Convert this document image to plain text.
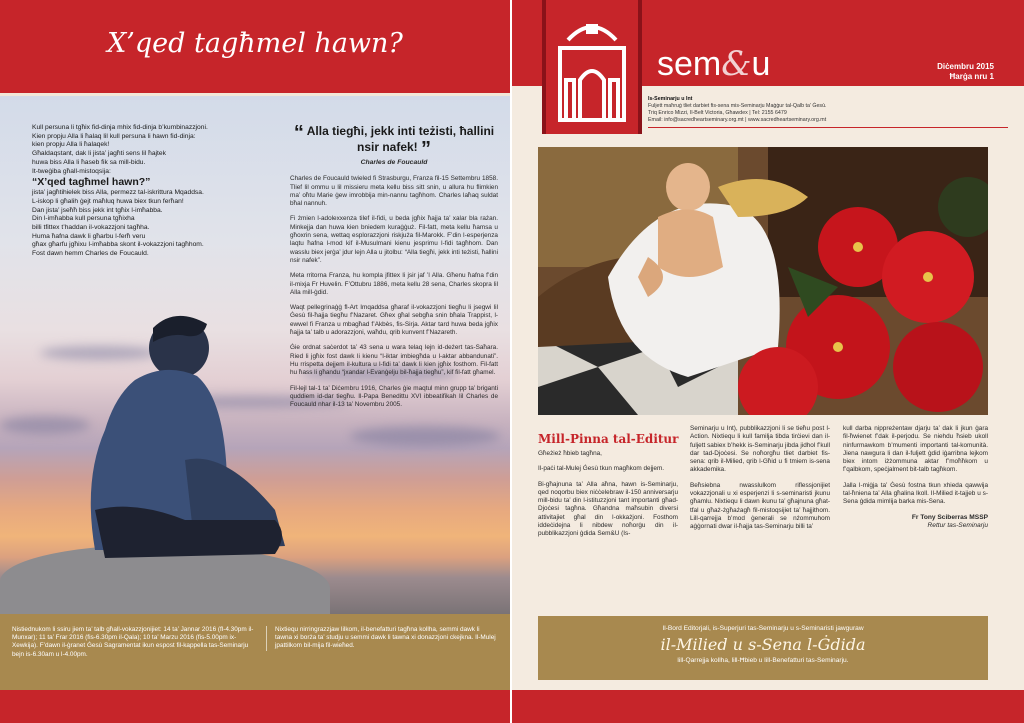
X’qed tagħmel hawn?

Kull persuna li tgħix fid-dinja mhix fid-dinja b’kumbinazzjoni.

Kien propju Alla li ħalaq lil kull persuna li hawn fid-dinja:

kien propju Alla li ħalaqek!

Għaldaqstant, dak li jista’ jagħti sens lil ħajtek

huwa biss Alla li ħaseb fik sa mill-bidu.

It-tweġiba għall-mistoqsija:

“X’qed tagħmel hawn?”

jista’ jagħtihielek biss Alla, permezz tal-iskrittura Mqaddsa.

L-iskop li għalih ġejt maħluq huwa biex tkun ferħan!

Dan jista’ jseħħ biss jekk int tgħix l-imħabba.

Din l-imħabba kull persuna tgħixha

billi tfittex t’haddan il-vokazzjoni tagħha.

Huma ħafna dawk li għarbu l-ferħ veru

għax għarfu jgħixu l-imħabba skont il-vokazzjoni tagħhom.

Fost dawn hemm Charles de Foucauld.

“ Alla tiegħi, jekk inti teżisti, ħallini nsir nafek! ”
Charles de Foucauld

Charles de Foucauld twieled fi Strasburgu, Franza fil-15 Settembru 1858. Tlief lil ommu u lil missieru meta kellu biss sitt snin, u allura hu flimkien ma’ oħtu Marie ġew imrobbija min-nannu tagħhom. Charles laħaq suldat bħal nannuh.

Fi żmien l-adolexxenza tilef il-fidi, u beda jgħix ħajja ta’ xalar bla rażan. Minkejja dan huwa kien bniedem kuraġġuż. Fil-fatt, meta kellu ħamsa u għoxrin sena, wettaq esplorazzjoni riskjuża fil-Marokk. F’din l-esperjenza laqtu ħafna l-mod kif il-Musulmani kienu jesprimu l-fidi tagħhom. Dan wasslu biex jerġa’ jdur lejn Alla u jitolbu: “Alla tiegħi, jekk inti teżisti, ħallini nsir nafek”.

Meta rritorna Franza, hu kompla jfittex li jsir jaf ’l Alla. Għenu ħafna f’din il-mixja Fr Huvelin. F’Ottubru 1886, meta kellu 28 sena, Charles skopra lil Alla mill-ġdid.

Waqt pellegrinaġġ fl-Art Imqaddsa għaraf il-vokazzjoni tiegħu li jsegwi lil Ġesù fil-ħajja tiegħu f’Nazaret. Għex għal sebgħa snin bħala Trappist, l-ewwel fi Franza u mbagħad f’Akbès, fis-Sirja. Aktar tard huwa beda jgħix ħajja ta’ talb u adorazzjoni, waħdu, qrib kunvent f’Nazareth.

Ġie ordnat saċerdot ta’ 43 sena u wara telaq lejn id-deżert tas-Saħara. Ried li jgħix fost dawk li kienu “l-iktar imbiegħda u l-aktar abbandunati”. Hu rrispetta dejjem il-kultura u l-fidi ta’ dawk li kien jgħix fosthom. Fil-fatt hu ħass li għandu “jxandar l-Evanġelju bil-ħajja tiegħu”, kif fil-fatt għamel.

Fil-lejl tal-1 ta’ Diċembru 1916, Charles ġie maqtul minn grupp ta’ briganti quddiem id-dar tiegħu. Il-Papa Benedittu XVI ibbeatifikah lil Charles de Foucauld nhar il-13 ta’ Novembru 2005.

Nistiednukom li ssiru jiem ta’ talb għall-vokazzjonijiet: 14 ta’ Jannar 2016 (fl-4.30pm il-Munxar); 11 ta’ Frar 2016 (fis-6.30pm il-Qala); 10 ta’ Marzu 2016 (fis-5.00pm ix-Xewkija). F’dawn il-ġranet Ġesù Sagramentat ikun espost fil-kappella tas-Seminarju bejn is-6.30am u l-4.00pm.
Nixtiequ nirringrazzjaw lilkom, il-benefatturi tagħna kollha, semmi dawk li tawna xi borża ta’ studju u semmi dawk li tawna xi donazzjoni ckejkna. Il-Mulej jpattilkom bil-mija fil-wieħed.
sem&u	Diċembru 2015
Ħarġa nru 1
Is-Seminarju u Int
Fuljett maħruġ tliet darbiet fis-sena mis-Seminarju Maġġur tal-Qalb ta’ Ġesù.
Triq Enrico Mizzi, Il-Belt Victoria, Għawdex | Tel: 2155 6479
Email: info@sacredheartseminary.org.mt | www.sacredheartseminary.org.mt
Mill-Pinna tal-Editur

Għeżież ħbieb tagħna,

Il-paċi tal-Mulej Ġesù tkun magħkom dejjem.

Bi-għajnuna ta’ Alla aħna, hawn is-Seminarju, qed noqorbu biex niċċelebraw il-150 anniversarju mill-bidu ta’ din l-istituzzjoni tant importanti għad-Djoċesi tagħna. Għandna maħsubin diversi attivitajiet għal din l-okkażjoni. Fosthom iddeċidejna li nibdew noħorġu din il-pubblikazzjoni ġdida Sem&U (Is-

Seminarju u Int), pubblikazzjoni li se tieħu post l-Action. Nixtiequ li kull familja tibda tirċievi dan il-fuljett sabiex b’hekk is-Seminarju jibda jidhol f’kull dar tad-Djoċesi. Se noħorgħu tliet darbiet fis-sena: qrib il-Milied, qrib l-Għid u fi tmiem is-sena akkademika.

Beħsiebna nwasslulkom riflessjonijiet vokazzjonali u xi esperjenzi li s-seminaristi jkunu għamlu. Nixtiequ li dawn ikunu ta’ għajnuna għat-tfal u għaż-żgħażagħ fil-mistoqsijiet ta’ ħajjithom. Lill-qarrejja b’mod ġenerali se nżommuhom aġġornati dwar il-ħajja tas-Seminarju billi ta’

kull darba nippreżentaw djarju ta’ dak li jkun ġara fil-ħwienet f’dak il-perjodu. Se niehdu ħsieb ukoll ninfurmawkom b’mumenti importanti tal-komunità. Jiena nawgura li dan il-fuljett ġdid iġarribna lejkom biex intom iżżommuna aktar f’moħħkom u f’qalbkom, speċjalment bit-talb tagħkom.

Jalla l-miġja ta’ Ġesù fostna tkun xhieda qawwija tal-ħniena ta’ Alla għalina lkoll. Il-Milied it-tajjeb u s-Sena ġdida mimlija barka mis-Sena.

Fr Tony Sciberras MSSP
Rettur tas-Seminarju
Il-Bord Editorjali, is-Superjuri tas-Seminarju u s-Seminaristi jawguraw
il-Milied u s-Sena l-Ġdida
lill-Qarrejja kollha, lill-Ħbieb u lill-Benefatturi tas-Seminarju.
